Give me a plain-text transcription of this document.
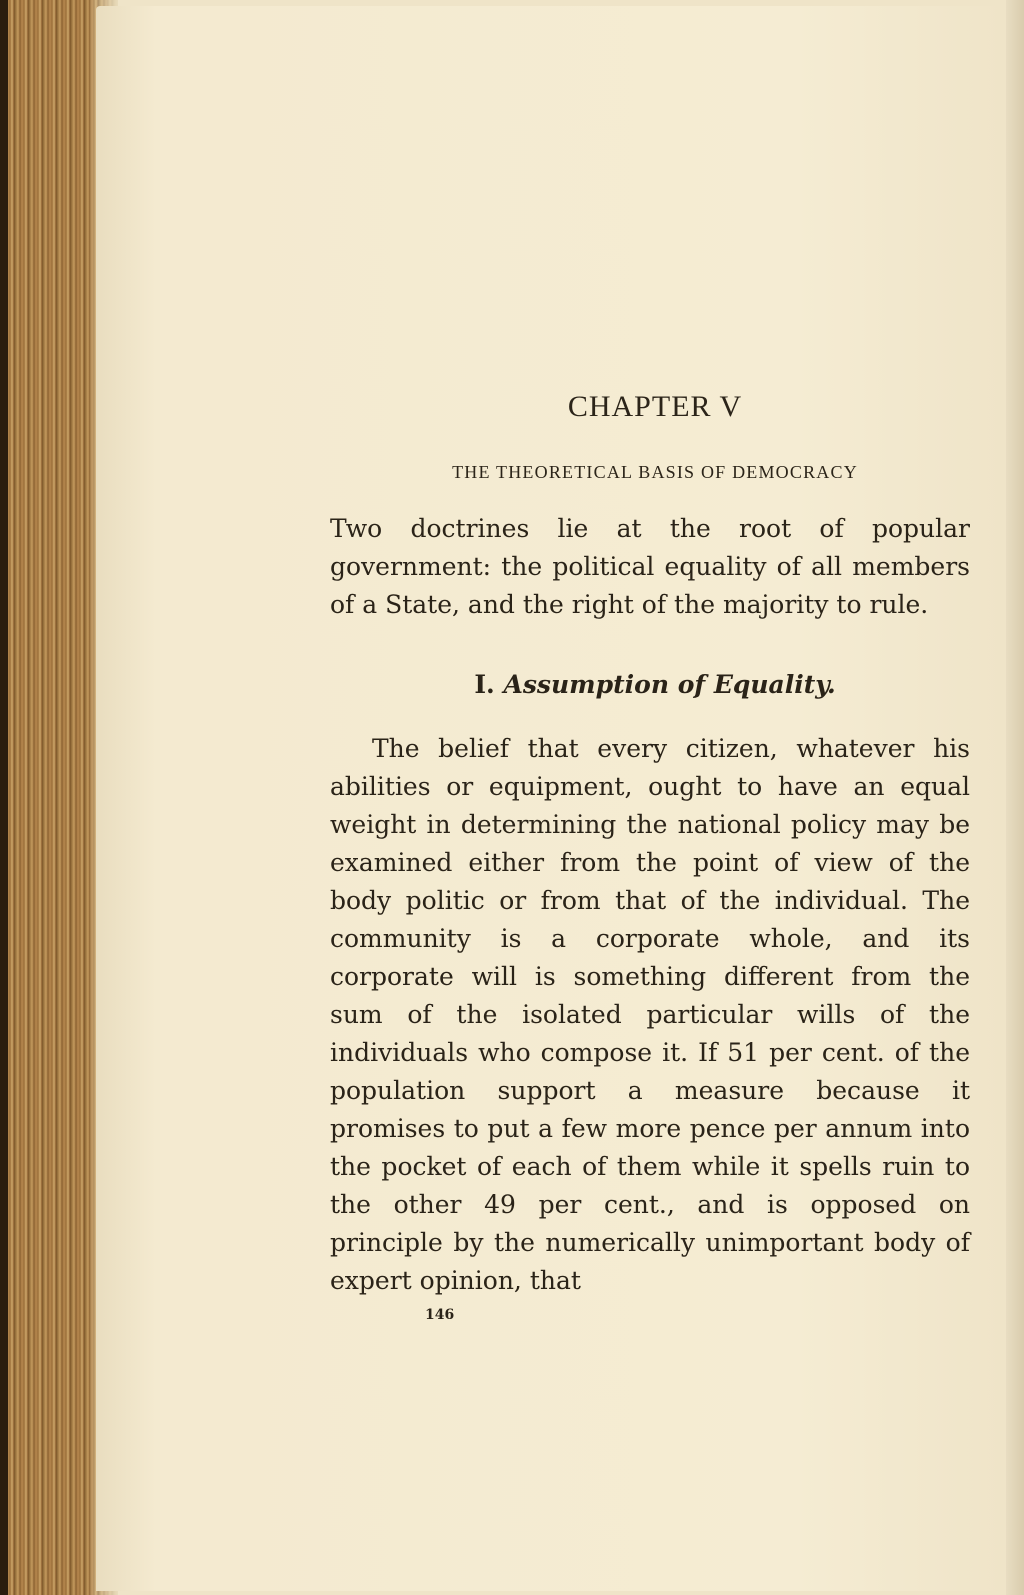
CHAPTER V
THE THEORETICAL BASIS OF DEMOCRACY

Two doctrines lie at the root of popular government: the political equality of all members of a State, and the right of the majority to rule.

I. Assumption of Equality.

The belief that every citizen, whatever his abilities or equipment, ought to have an equal weight in determining the national policy may be examined either from the point of view of the body politic or from that of the individual. The community is a corporate whole, and its corporate will is something different from the sum of the isolated particular wills of the individuals who compose it. If 51 per cent. of the population support a measure because it promises to put a few more pence per annum into the pocket of each of them while it spells ruin to the other 49 per cent., and is opposed on principle by the numerically unimportant body of expert opinion, that

146
